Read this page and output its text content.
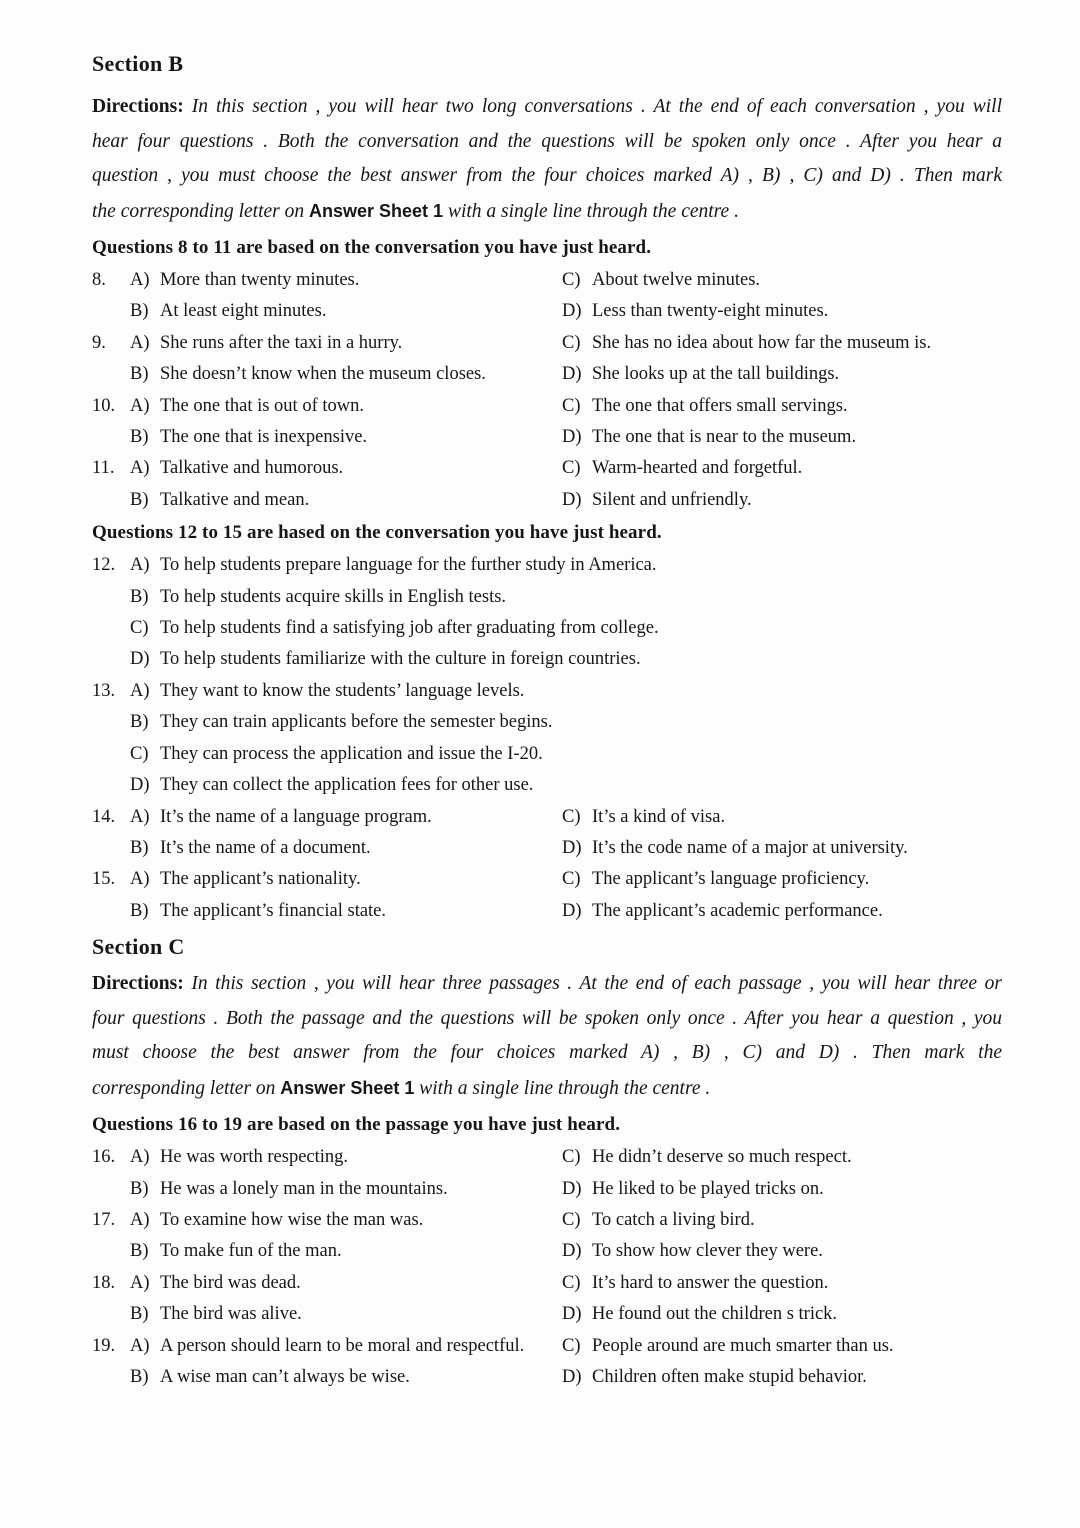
Section B
Directions: In this section , you will hear two long conversations . At the end of each conversation , you will
hear four questions . Both the conversation and the questions will be spoken only once . After you hear a
question , you must choose the best answer from the four choices marked A) , B) , C) and D) . Then mark
the corresponding letter on Answer Sheet 1 with a single line through the centre .
Questions 8 to 11 are based on the conversation you have just heard.
8.	A) More than twenty minutes.	C) About twelve minutes.
B) At least eight minutes.	D) Less than twenty-eight minutes.
9.	A) She runs after the taxi in a hurry.	C) She has no idea about how far the museum is.
B) She doesn’t know when the museum closes.	D) She looks up at the tall buildings.
10. A) The one that is out of town.	C) The one that offers small servings.
B) The one that is inexpensive.	D) The one that is near to the museum.
11. A) Talkative and humorous.	C) Warm-hearted and forgetful.
B) Talkative and mean.	D) Silent and unfriendly.
Questions 12 to 15 are hased on the conversation you have just heard.
12. A) To help students prepare language for the further study in America.
B) To help students acquire skills in English tests.
C) To help students find a satisfying job after graduating from college.
D) To help students familiarize with the culture in foreign countries.
13. A) They want to know the students’ language levels.
B) They can train applicants before the semester begins.
C) They can process the application and issue the I-20.
D) They can collect the application fees for other use.
14. A) It’s the name of a language program.	C) It’s a kind of visa.
B) It’s the name of a document.	D) It’s the code name of a major at university.
15. A) The applicant’s nationality.	C) The applicant’s language proficiency.
B) The applicant’s financial state.	D) The applicant’s academic performance.
Section C
Directions: In this section , you will hear three passages . At the end of each passage , you will hear three or
four questions . Both the passage and the questions will be spoken only once . After you hear a question , you
must choose the best answer from the four choices marked A) , B) , C) and D) . Then mark the
corresponding letter on Answer Sheet 1 with a single line through the centre .
Questions 16 to 19 are based on the passage you have just heard.
16. A) He was worth respecting.	C) He didn’t deserve so much respect.
B) He was a lonely man in the mountains.	D) He liked to be played tricks on.
17. A) To examine how wise the man was.	C) To catch a living bird.
B) To make fun of the man.	D) To show how clever they were.
18. A) The bird was dead.	C) It’s hard to answer the question.
B) The bird was alive.	D) He found out the children s trick.
19. A) A person should learn to be moral and respectful. C) People around are much smarter than us.
B) A wise man can’t always be wise.	D) Children often make stupid behavior.
